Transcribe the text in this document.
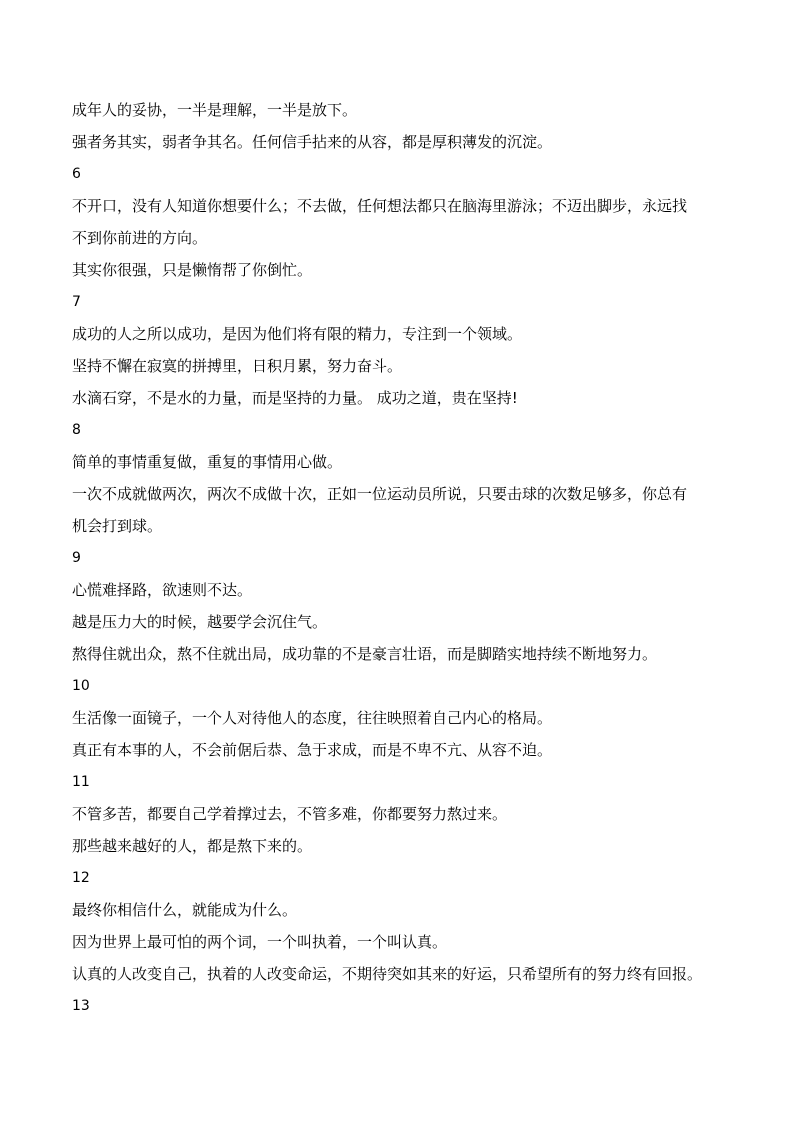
成年人的妥协，一半是理解，一半是放下。
强者务其实，弱者争其名。任何信手拈来的从容，都是厚积薄发的沉淀。
6
不开口，没有人知道你想要什么；不去做，任何想法都只在脑海里游泳；不迈出脚步，永远找
不到你前进的方向。
其实你很强，只是懒惰帮了你倒忙。
7
成功的人之所以成功，是因为他们将有限的精力，专注到一个领域。
坚持不懈在寂寞的拼搏里，日积月累，努力奋斗。
水滴石穿，不是水的力量，而是坚持的力量。 成功之道，贵在坚持!
8
简单的事情重复做，重复的事情用心做。
一次不成就做两次，两次不成做十次，正如一位运动员所说，只要击球的次数足够多，你总有
机会打到球。
9
心慌难择路，欲速则不达。
越是压力大的时候，越要学会沉住气。
熬得住就出众，熬不住就出局，成功靠的不是豪言壮语，而是脚踏实地持续不断地努力。
10
生活像一面镜子，一个人对待他人的态度，往往映照着自己内心的格局。
真正有本事的人，不会前倨后恭、急于求成，而是不卑不亢、从容不迫。
11
不管多苦，都要自己学着撑过去，不管多难，你都要努力熬过来。
那些越来越好的人，都是熬下来的。
12
最终你相信什么，就能成为什么。
因为世界上最可怕的两个词，一个叫执着，一个叫认真。
认真的人改变自己，执着的人改变命运，不期待突如其来的好运，只希望所有的努力终有回报。
13
